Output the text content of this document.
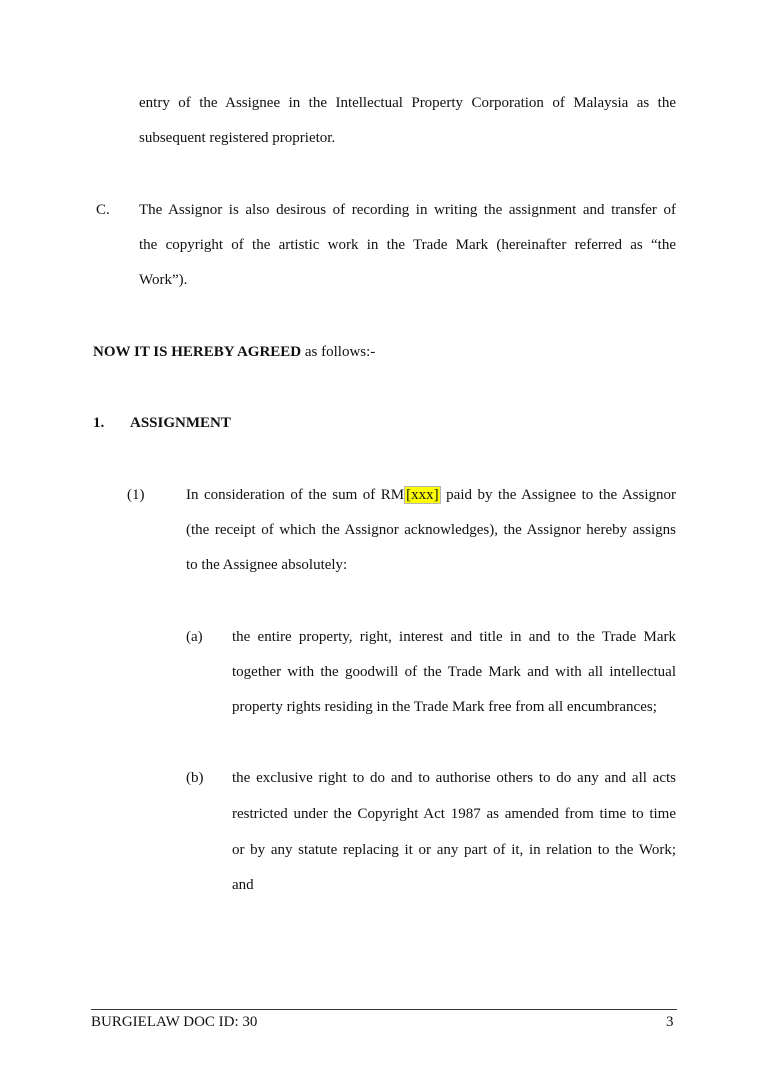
entry of the Assignee in the Intellectual Property Corporation of Malaysia as the
subsequent registered proprietor.
C. The Assignor is also desirous of recording in writing the assignment and transfer of
the copyright of the artistic work in the Trade Mark (hereinafter referred as “the
Work”).
NOW IT IS HEREBY AGREED as follows:-
1. ASSIGNMENT
(1)	In consideration of the sum of RM [xxx] paid by the Assignee to the Assignor
(the receipt of which the Assignor acknowledges), the Assignor hereby assigns
to the Assignee absolutely:
(a) the entire property, right, interest and title in and to the Trade Mark
together with the goodwill of the Trade Mark and with all intellectual
property rights residing in the Trade Mark free from all encumbrances;
(b) the exclusive right to do and to authorise others to do any and all acts
restricted under the Copyright Act 1987 as amended from time to time
or by any statute replacing it or any part of it, in relation to the Work;
and
BURGIELAW DOC ID: 30	3
